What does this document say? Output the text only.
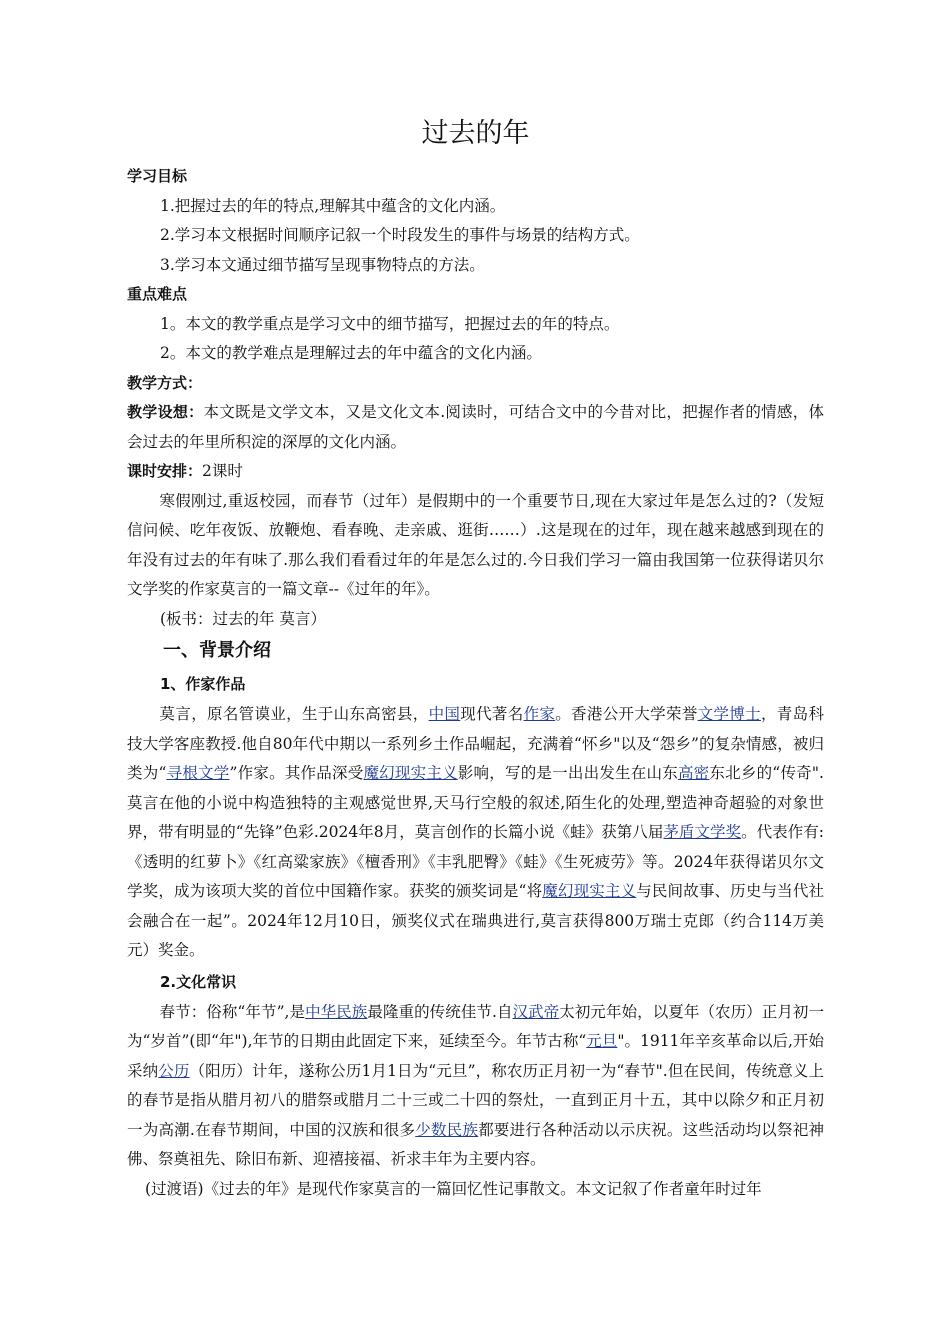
过去的年
学习目标
1.把握过去的年的特点,理解其中蕴含的文化内涵。
2.学习本文根据时间顺序记叙一个时段发生的事件与场景的结构方式。
3.学习本文通过细节描写呈现事物特点的方法。
重点难点
1。本文的教学重点是学习文中的细节描写，把握过去的年的特点。
2。本文的教学难点是理解过去的年中蕴含的文化内涵。
教学方式：
教学设想：本文既是文学文本，又是文化文本.阅读时，可结合文中的今昔对比，把握作者的情感，体会过去的年里所积淀的深厚的文化内涵。
课时安排：2课时
寒假刚过,重返校园，而春节（过年）是假期中的一个重要节日,现在大家过年是怎么过的?（发短信问候、吃年夜饭、放鞭炮、看春晚、走亲戚、逛街……）.这是现在的过年，现在越来越感到现在的年没有过去的年有味了.那么我们看看过年的年是怎么过的.今日我们学习一篇由我国第一位获得诺贝尔文学奖的作家莫言的一篇文章--《过年的年》。
(板书：过去的年 莫言）
一、背景介绍
1、作家作品
莫言，原名管谟业，生于山东高密县，中国现代著名作家。香港公开大学荣誉文学博士，青岛科技大学客座教授.他自80年代中期以一系列乡土作品崛起，充满着“怀乡"以及“怨乡”的复杂情感，被归类为“寻根文学”作家。其作品深受魔幻现实主义影响，写的是一出出发生在山东高密东北乡的“传奇".莫言在他的小说中构造独特的主观感觉世界,天马行空般的叙述,陌生化的处理,塑造神奇超验的对象世界，带有明显的“先锋”色彩.2024年8月，莫言创作的长篇小说《蛙》获第八届茅盾文学奖。代表作有:《透明的红萝卜》《红高粱家族》《檀香刑》《丰乳肥臀》《蛙》《生死疲劳》等。2024年获得诺贝尔文学奖，成为该项大奖的首位中国籍作家。获奖的颁奖词是“将魔幻现实主义与民间故事、历史与当代社会融合在一起”。2024年12月10日，颁奖仪式在瑞典进行,莫言获得800万瑞士克郎（约合114万美元）奖金。
2.文化常识
春节：俗称“年节”,是中华民族最隆重的传统佳节.自汉武帝太初元年始，以夏年（农历）正月初一为“岁首”(即“年"),年节的日期由此固定下来，延续至今。年节古称“元旦"。1911年辛亥革命以后,开始采纳公历（阳历）计年，遂称公历1月1日为“元旦”，称农历正月初一为“春节".但在民间，传统意义上的春节是指从腊月初八的腊祭或腊月二十三或二十四的祭灶，一直到正月十五，其中以除夕和正月初一为高潮.在春节期间，中国的汉族和很多少数民族都要进行各种活动以示庆祝。这些活动均以祭祀神佛、祭奠祖先、除旧布新、迎禧接福、祈求丰年为主要内容。
(过渡语)《过去的年》是现代作家莫言的一篇回忆性记事散文。本文记叙了作者童年时过年
